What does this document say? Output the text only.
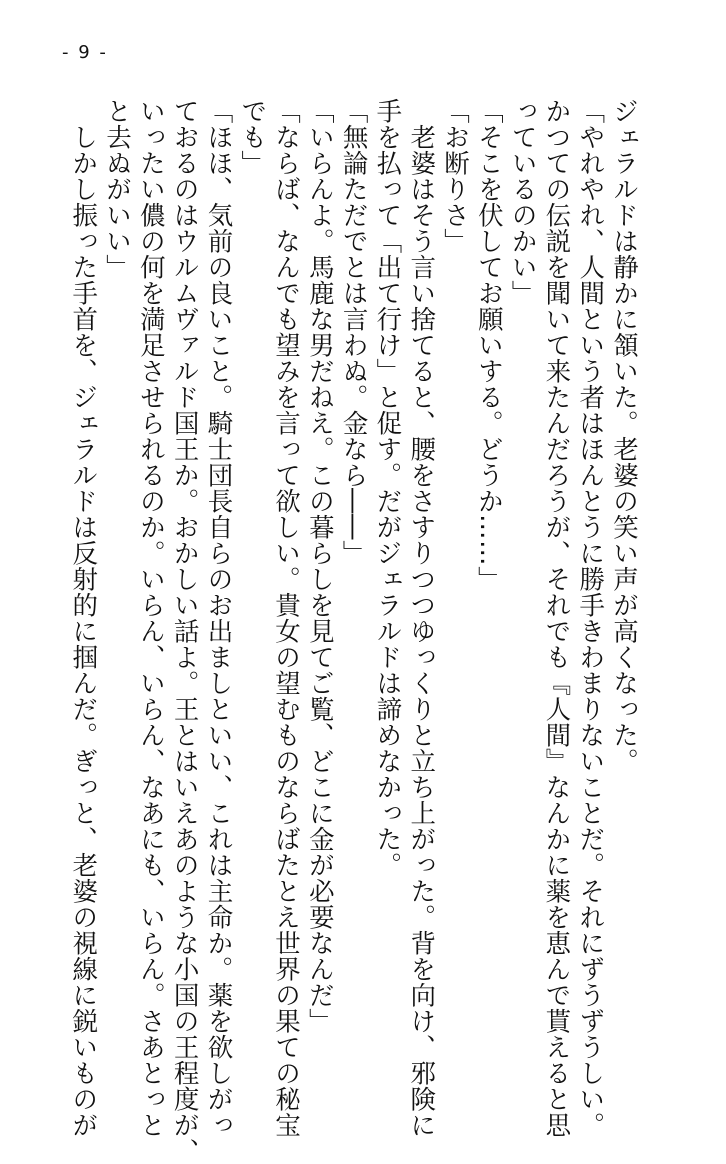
- 9 -
ジェラルドは静かに頷いた。老婆の笑い声が高くなった。
「やれやれ、人間という者はほんとうに勝手きわまりないことだ。それにずうずうしい。
かつての伝説を聞いて来たんだろうが、それでも『人間』なんかに薬を恵んで貰えると思
っているのかい」
「そこを伏してお願いする。どうか……」
「お断りさ」
　老婆はそう言い捨てると、腰をさすりつつゆっくりと立ち上がった。背を向け、邪険に
手を払って「出て行け」と促す。だがジェラルドは諦めなかった。
「無論ただでとは言わぬ。金なら――」
「いらんよ。馬鹿な男だねえ。この暮らしを見てご覧、どこに金が必要なんだ」
「ならば、なんでも望みを言って欲しい。貴女の望むものならばたとえ世界の果ての秘宝
でも」
「ほほ、気前の良いこと。騎士団長自らのお出ましといい、これは主命か。薬を欲しがっ
ておるのはウルムヴァルド国王か。おかしい話よ。王とはいえあのような小国の王程度が、
いったい儂の何を満足させられるのか。いらん、いらん、なあにも、いらん。さあとっと
と去ぬがいい」
　しかし振った手首を、ジェラルドは反射的に掴んだ。ぎっと、老婆の視線に鋭いものが
